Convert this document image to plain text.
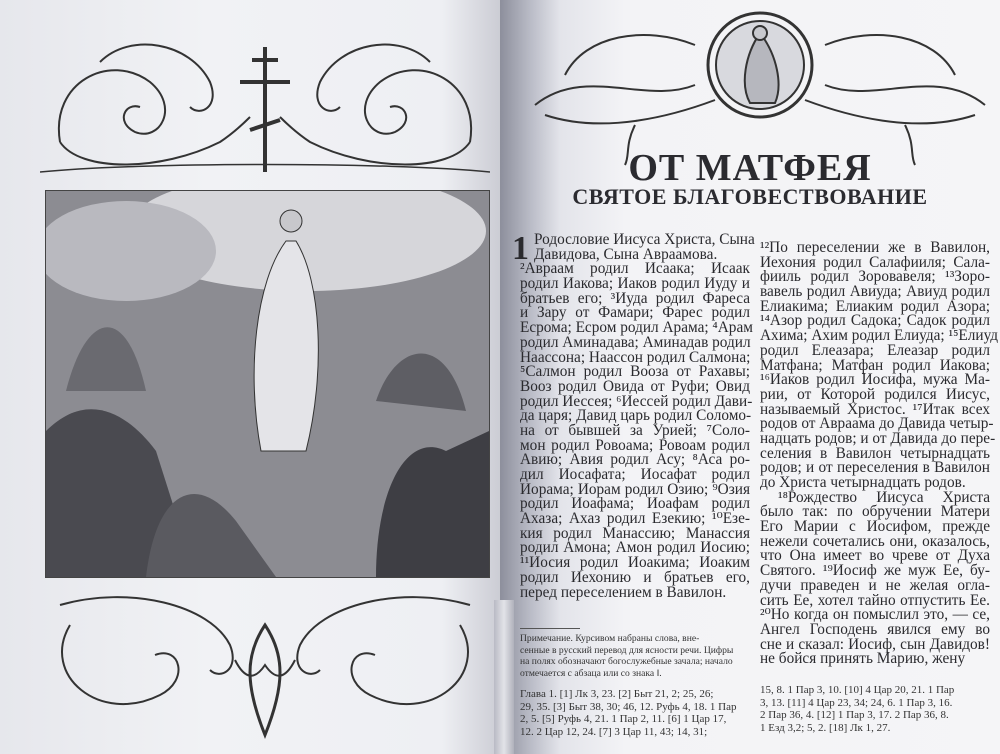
ОТ МАТФЕЯ
СВЯТОЕ БЛАГОВЕСТВОВАНИЕ
1 Родословие Иисуса Христа, Сына
Давидова, Сына Авраамова.
²Авраам родил Исаака; Исаак
родил Иакова; Иаков родил Иуду и
братьев его; ³Иуда родил Фареса
и Зару от Фамари; Фарес родил
Есрома; Есром родил Арама; ⁴Арам
родил Аминадава; Аминадав родил
Наассона; Наассон родил Салмона;
⁵Салмон родил Вооза от Рахавы;
Вооз родил Овида от Руфи; Овид
родил Иессея; ⁶Иессей родил Дави-
да царя; Давид царь родил Соломо-
на от бывшей за Урией; ⁷Соло-
мон родил Ровоама; Ровоам родил
Авию; Авия родил Асу; ⁸Аса ро-
дил Иосафата; Иосафат родил
Иорама; Иорам родил Озию; ⁹Озия
родил Иоафама; Иоафам родил
Ахаза; Ахаз родил Езекию; ¹⁰Езе-
кия родил Манассию; Манассия
родил Амона; Амон родил Иосию;
¹¹Иосия родил Иоакима; Иоаким
родил Иехонию и братьев его,
перед переселением в Вавилон.
¹²По переселении же в Вавилон,
Иехония родил Салафииля; Сала-
фииль родил Зоровавеля; ¹³Зоро-
вавель родил Авиуда; Авиуд родил
Елиакима; Елиаким родил Азора;
¹⁴Азор родил Садока; Садок родил
Ахима; Ахим родил Елиуда; ¹⁵Елиуд
родил Елеазара; Елеазар родил
Матфана; Матфан родил Иакова;
¹⁶Иаков родил Иосифа, мужа Ма-
рии, от Которой родился Иисус,
называемый Христос. ¹⁷Итак всех
родов от Авраама до Давида четыр-
надцать родов; и от Давида до пере-
селения в Вавилон четырнадцать
родов; и от переселения в Вавилон
до Христа четырнадцать родов.
¹⁸Рождество Иисуса Христа
было так: по обручении Матери
Его Марии с Иосифом, прежде
нежели сочетались они, оказалось,
что Она имеет во чреве от Духа
Святого. ¹⁹Иосиф же муж Ее, бу-
дучи праведен и не желая огла-
сить Ее, хотел тайно отпустить Ее.
²⁰Но когда он помыслил это, — се,
Ангел Господень явился ему во
сне и сказал: Иосиф, сын Давидов!
не бойся принять Марию, жену
Примечание. Курсивом набраны слова, вне-
сенные в русский перевод для ясности речи. Цифры
на полях обозначают богослужебные зачала; начало
отмечается с абзаца или со знака ‖.
Глава 1. [1] Лк 3, 23. [2] Быт 21, 2; 25, 26;
29, 35. [3] Быт 38, 30; 46, 12. Руфь 4, 18. 1 Пар
2, 5. [5] Руфь 4, 21. 1 Пар 2, 11. [6] 1 Цар 17,
12. 2 Цар 12, 24. [7] 3 Цар 11, 43; 14, 31;
15, 8. 1 Пар 3, 10. [10] 4 Цар 20, 21. 1 Пар
3, 13. [11] 4 Цар 23, 34; 24, 6. 1 Пар 3, 16.
2 Пар 36, 4. [12] 1 Пар 3, 17. 2 Пар 36, 8.
1 Езд 3,2; 5, 2. [18] Лк 1, 27.
